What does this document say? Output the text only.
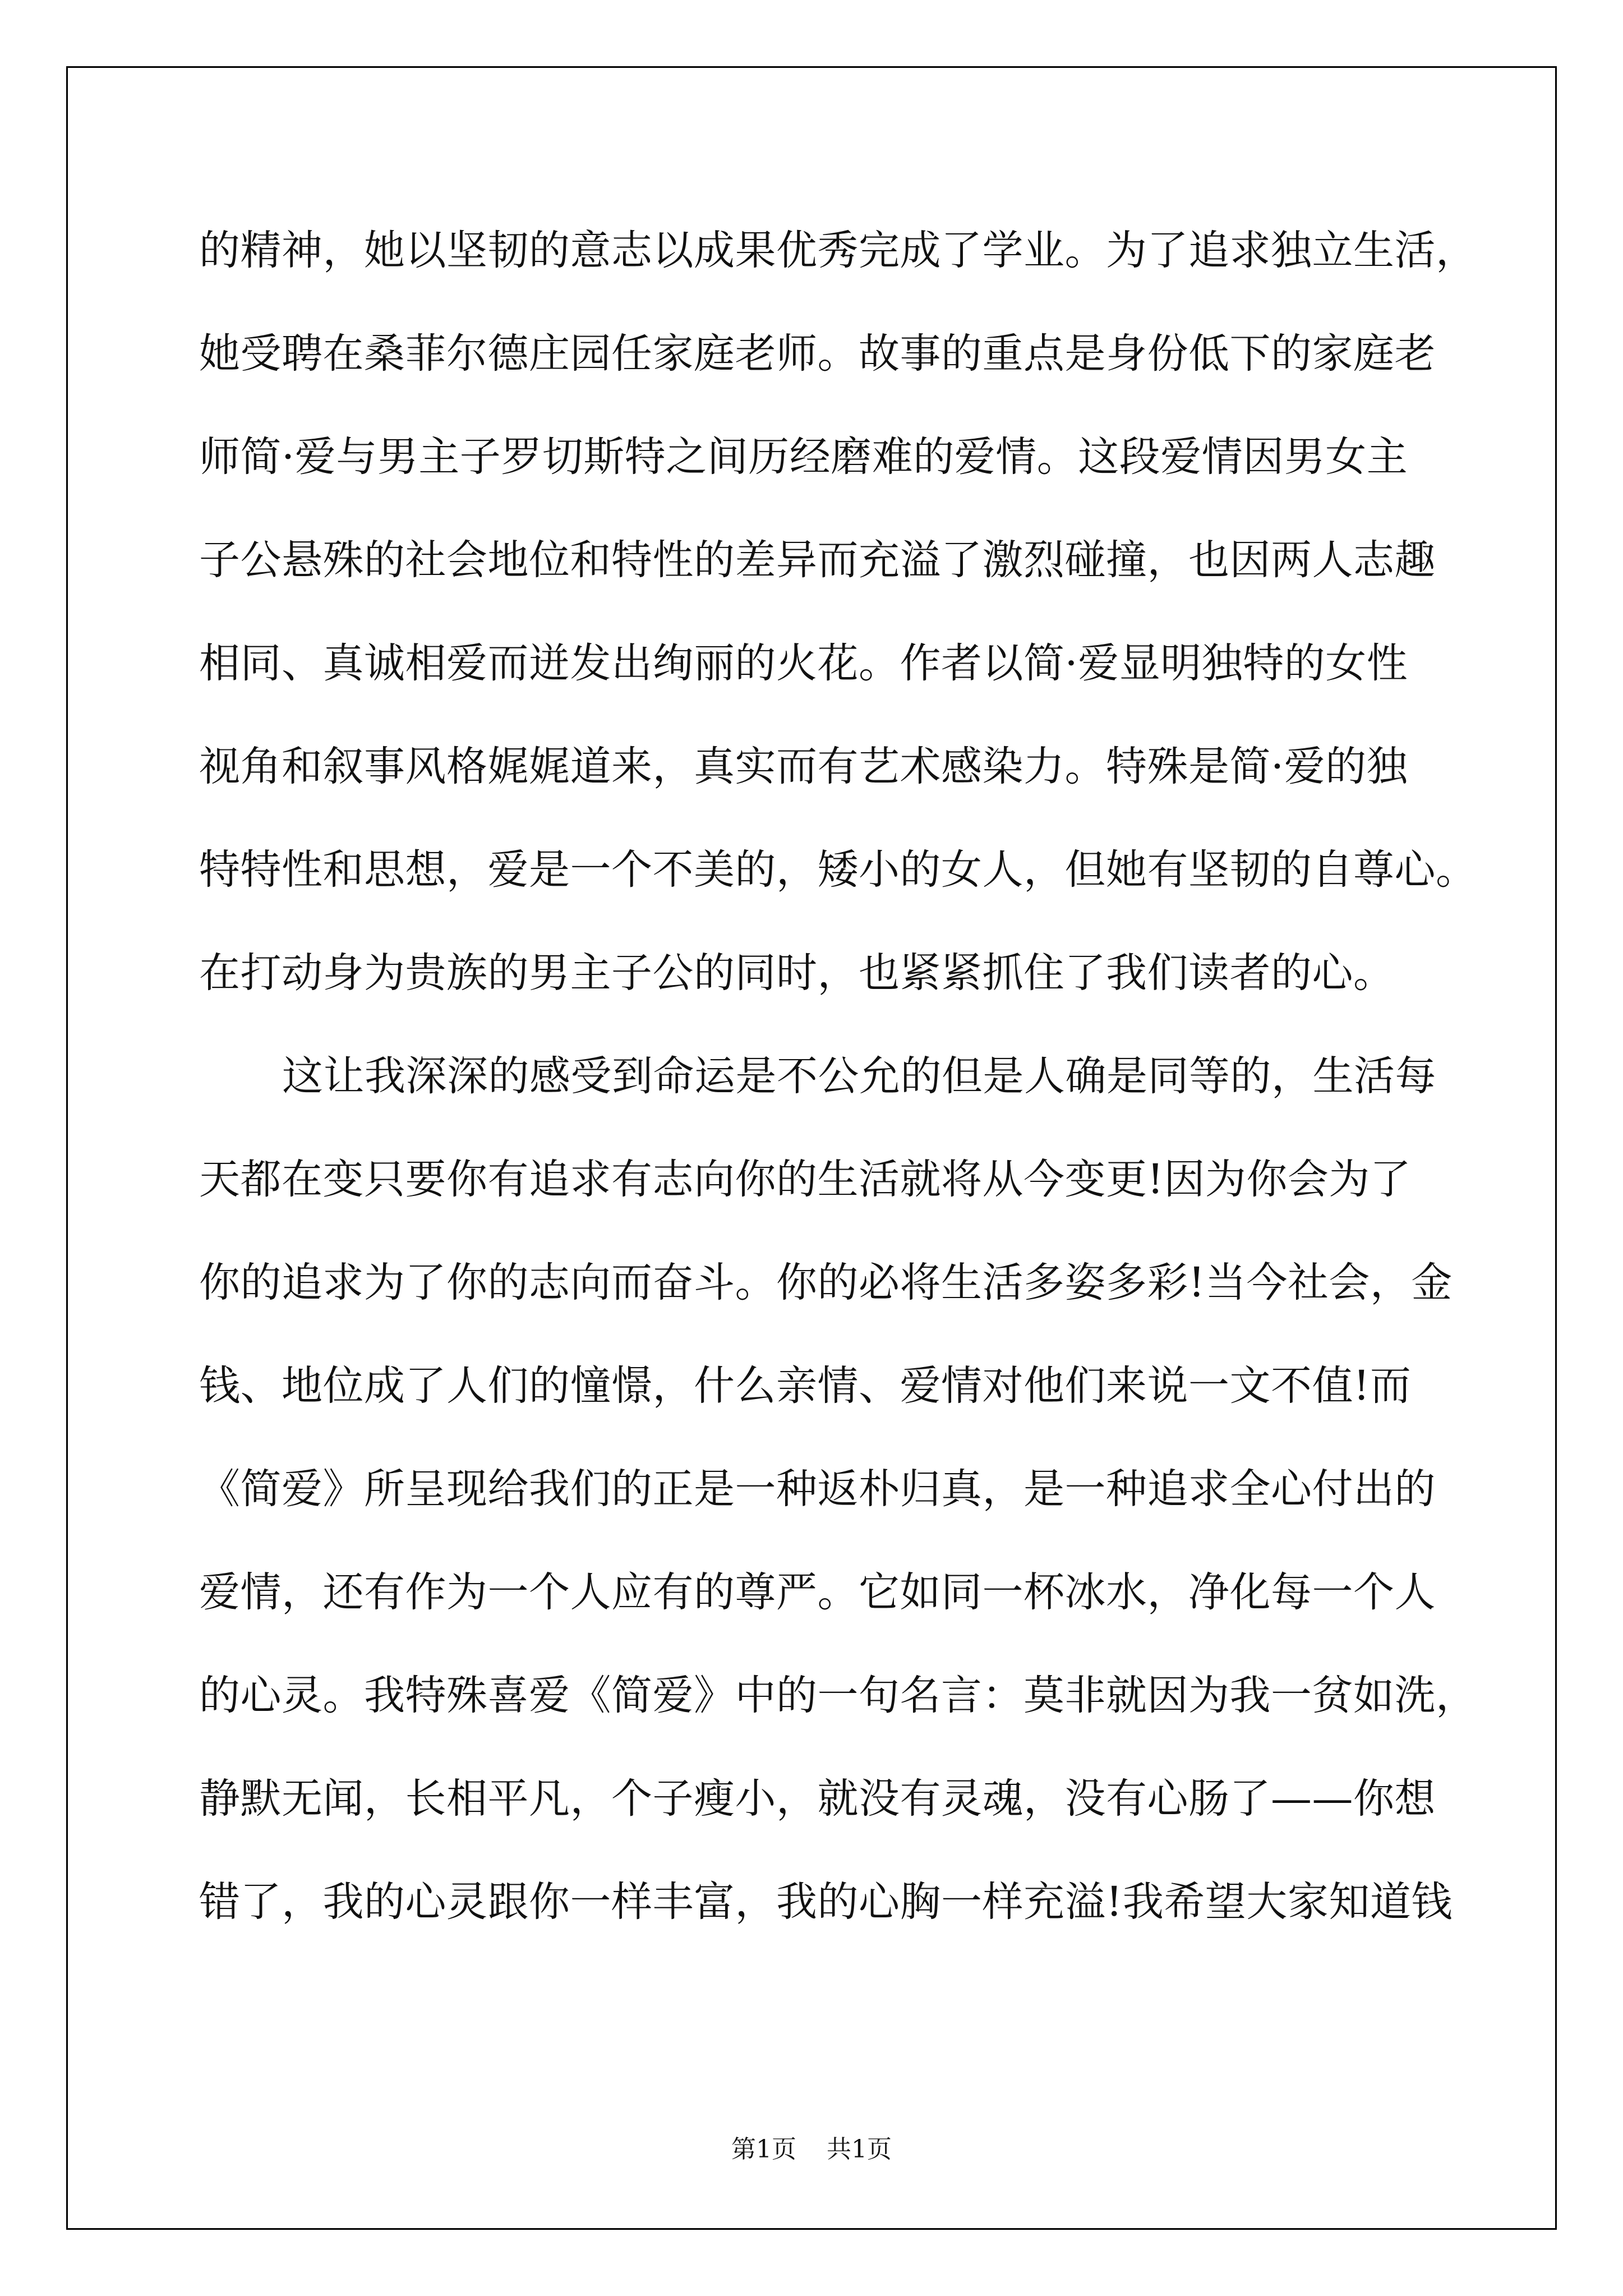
的精神，她以坚韧的意志以成果优秀完成了学业。为了追求独立生活，
她受聘在桑菲尔德庄园任家庭老师。故事的重点是身份低下的家庭老
师简·爱与男主子罗切斯特之间历经磨难的爱情。这段爱情因男女主
子公悬殊的社会地位和特性的差异而充溢了激烈碰撞，也因两人志趣
相同、真诚相爱而迸发出绚丽的火花。作者以简·爱显明独特的女性
视角和叙事风格娓娓道来，真实而有艺术感染力。特殊是简·爱的独
特特性和思想，爱是一个不美的，矮小的女人，但她有坚韧的自尊心。
在打动身为贵族的男主子公的同时，也紧紧抓住了我们读者的心。
这让我深深的感受到命运是不公允的但是人确是同等的，生活每
天都在变只要你有追求有志向你的生活就将从今变更!因为你会为了
你的追求为了你的志向而奋斗。你的必将生活多姿多彩!当今社会，金
钱、地位成了人们的憧憬，什么亲情、爱情对他们来说一文不值!而
《简爱》所呈现给我们的正是一种返朴归真，是一种追求全心付出的
爱情，还有作为一个人应有的尊严。它如同一杯冰水，净化每一个人
的心灵。我特殊喜爱《简爱》中的一句名言：莫非就因为我一贫如洗，
静默无闻，长相平凡，个子瘦小，就没有灵魂，没有心肠了——你想
错了，我的心灵跟你一样丰富，我的心胸一样充溢!我希望大家知道钱
第1页 共1页
